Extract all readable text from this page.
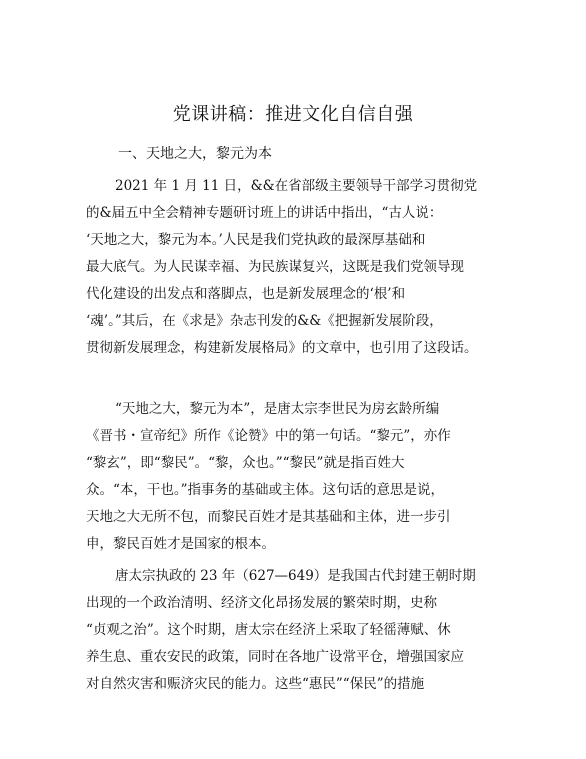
党课讲稿：推进文化自信自强
一、天地之大，黎元为本
2021 年 1 月 11 日，&&在省部级主要领导干部学习贯彻党
的&届五中全会精神专题研讨班上的讲话中指出，“古人说：
‘天地之大，黎元为本。’人民是我们党执政的最深厚基础和
最大底气。为人民谋幸福、为民族谋复兴，这既是我们党领导现
代化建设的出发点和落脚点，也是新发展理念的‘根’和
‘魂’。”其后，在《求是》杂志刊发的&&《把握新发展阶段，
贯彻新发展理念，构建新发展格局》的文章中，也引用了这段话。
“天地之大，黎元为本”，是唐太宗李世民为房玄龄所编
《晋书・宣帝纪》所作《论赞》中的第一句话。“黎元”，亦作
“黎玄”，即“黎民”。“黎，众也。”“黎民”就是指百姓大
众。“本，干也。”指事务的基础或主体。这句话的意思是说，
天地之大无所不包，而黎民百姓才是其基础和主体，进一步引
申，黎民百姓才是国家的根本。
唐太宗执政的 23 年（627—649）是我国古代封建王朝时期
出现的一个政治清明、经济文化昂扬发展的繁荣时期，史称
“贞观之治”。这个时期，唐太宗在经济上采取了轻徭薄赋、休
养生息、重农安民的政策，同时在各地广设常平仓，增强国家应
对自然灾害和赈济灾民的能力。这些“惠民”“保民”的措施
